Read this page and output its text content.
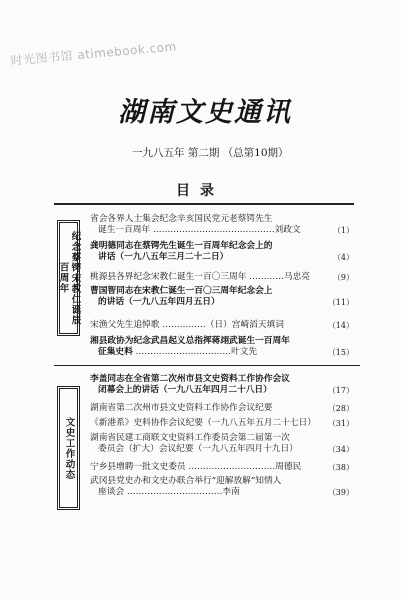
时光图书馆 atimebook.com
湖南文史通讯
一九八五年 第二期 （总第10期）
目录
纪念蔡锷宋教仁诞辰百周年
文史工作动态
省会各界人士集会纪念辛亥国民党元老蔡锷先生
诞生一百周年 ……………………………………刘政文	（1）
龚明德同志在蔡锷先生诞生一百周年纪念会上的
讲话（一九八五年三月二十二日）	（4）
桃源县各界纪念宋教仁诞生一百〇三周年 …………马忠亮	（9）
曹国智同志在宋教仁诞生一百〇三周年纪念会上
的讲话（一九八五年四月五日）	（11）
宋渔父先生追悼歌 ……………（日）宫崎滔天填词	（14）
湘县政协为纪念武昌起义总指挥蒋翊武诞生一百周年
征集史料 ……………………………叶文先	（15）
李盖同志在全省第二次州市县文史资料工作协作会议
闭幕会上的讲话（一九八五年四月二十八日）	（17）
湖南省第二次州市县文史资料工作协作会议纪要	（28）
《新港系》史料协作会议纪要（一九八五年五月二十七日） （31）
湖南省民建工商联文史资料工作委员会第二届第一次
委员会（扩大）会议纪要（一九八五年四月十九日）	（34）
宁乡县增聘一批文史委员 …………………………周德民	（38）
武冈县党史办和文史办联合举行“迎解放解”知情人
座谈会 ……………………………李南	（39）
